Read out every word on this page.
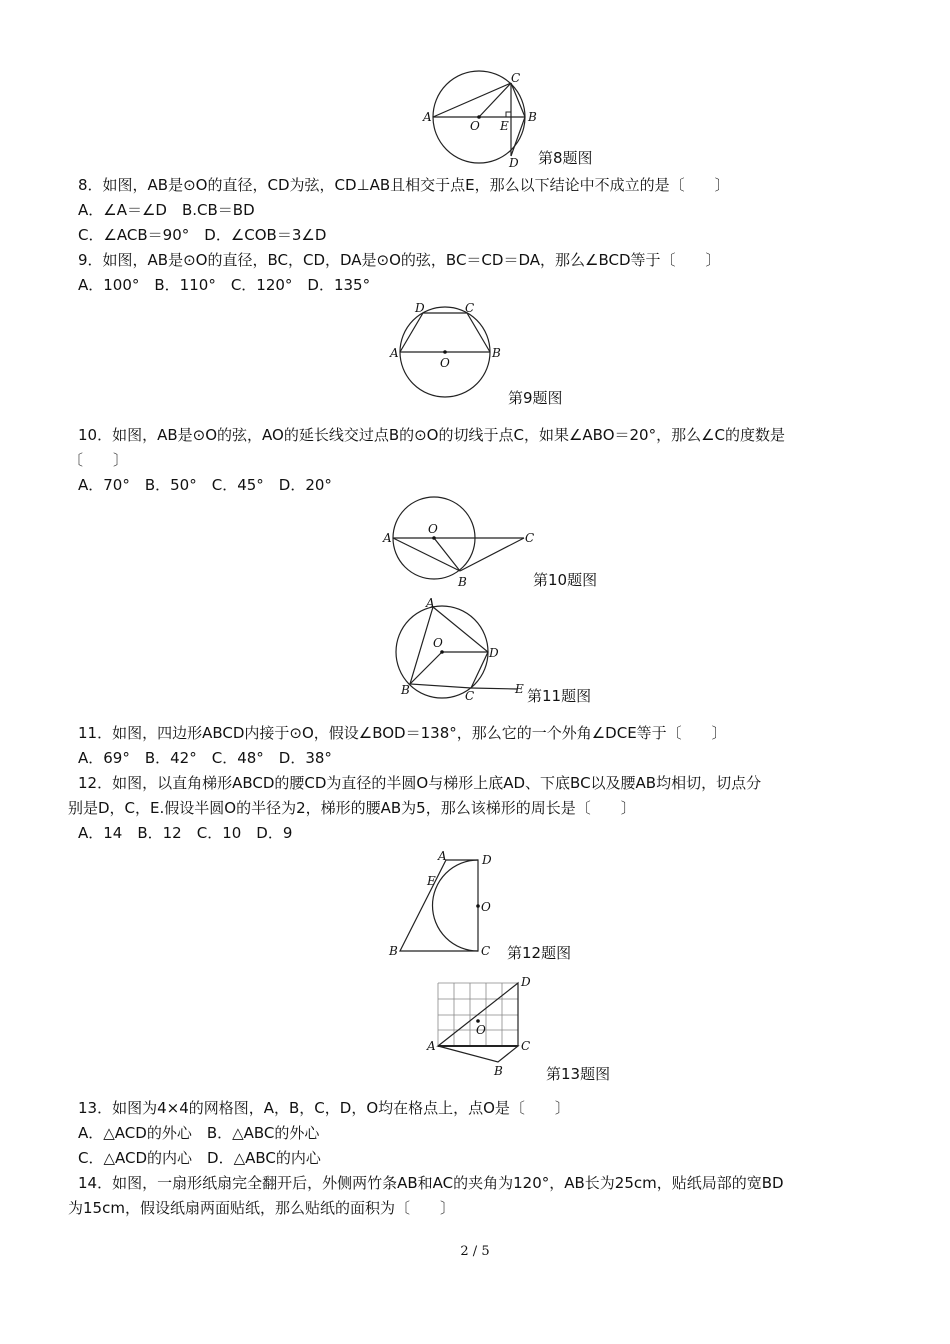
A	B
C
D
E
O
第8题图
8．如图，AB是⊙O的直径，CD为弦，CD⊥AB且相交于点E，那么以下结论中不成立的是〔　　〕
A．∠A＝∠D　B.CB＝BD
C．∠ACB＝90°　D．∠COB＝3∠D
9．如图，AB是⊙O的直径，BC，CD，DA是⊙O的弦，BC＝CD＝DA，那么∠BCD等于〔　　〕
A．100°　B．110°　C．120°　D．135°
A	B
C
D
O
第9题图
10．如图，AB是⊙O的弦，AO的延长线交过点B的⊙O的切线于点C，如果∠ABO＝20°，那么∠C的度数是
〔　　〕
A．70°　B．50°　C．45°　D．20°
A
B
C
O
第10题图
A
B	C
D
E
O
第11题图
11．如图，四边形ABCD内接于⊙O，假设∠BOD＝138°，那么它的一个外角∠DCE等于〔　　〕
A．69°　B．42°　C．48°　D．38°
12．如图，以直角梯形ABCD的腰CD为直径的半圆O与梯形上底AD、下底BC以及腰AB均相切，切点分
别是D，C，E.假设半圆O的半径为2，梯形的腰AB为5，那么该梯形的周长是〔　　〕
A．14　B．12　C．10　D．9
A
B	C
D
E
O
第12题图
A
B
C
D
O
第13题图
13．如图为4×4的网格图，A，B，C，D，O均在格点上，点O是〔　　〕
A．△ACD的外心　B．△ABC的外心
C．△ACD的内心　D．△ABC的内心
14．如图，一扇形纸扇完全翻开后，外侧两竹条AB和AC的夹角为120°，AB长为25cm，贴纸局部的宽BD
为15cm，假设纸扇两面贴纸，那么贴纸的面积为〔　　〕
2 / 5
